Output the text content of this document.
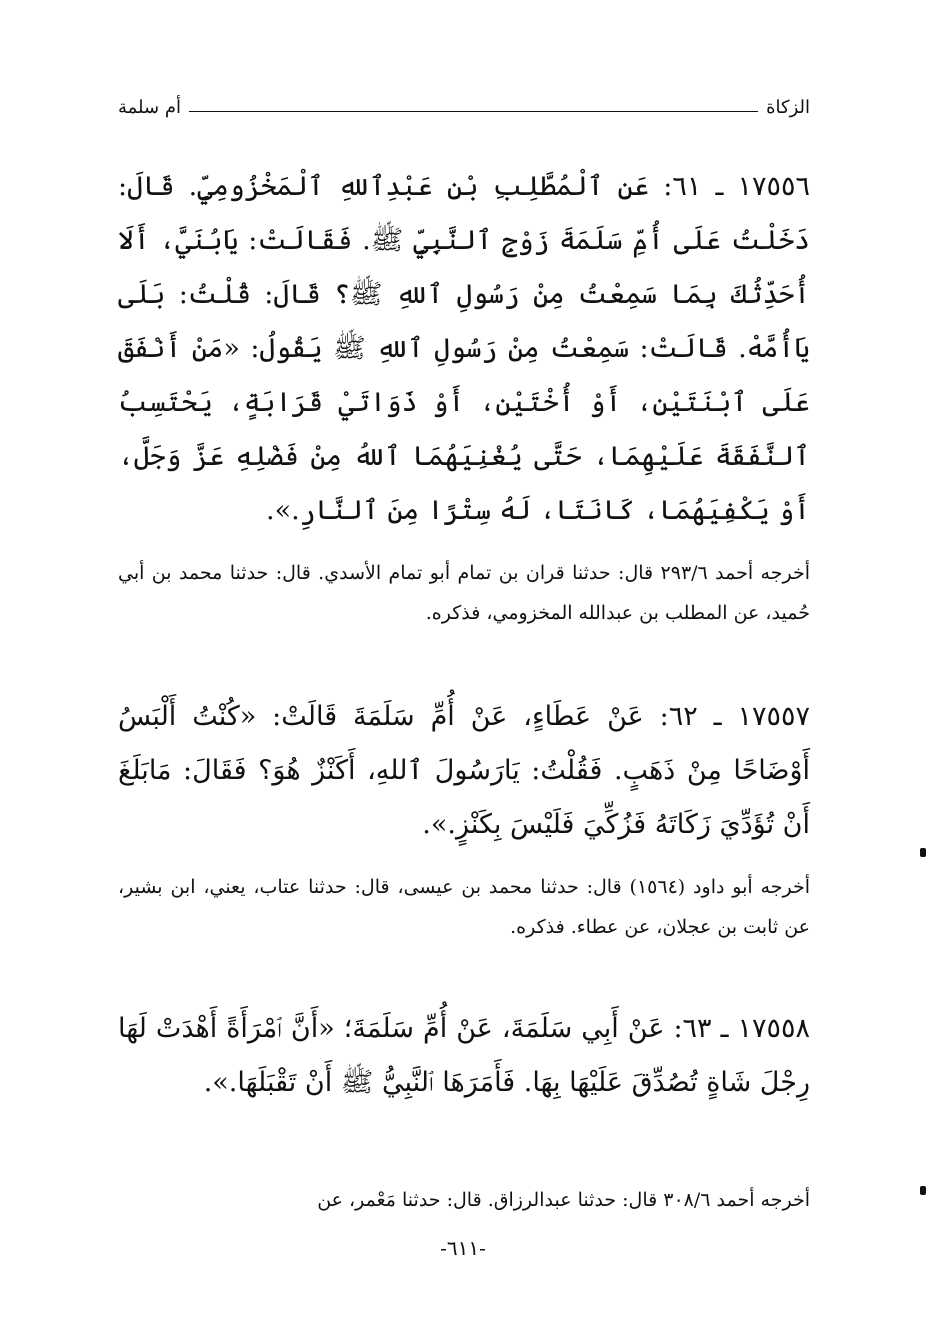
الزكاة
أم سلمة
١٧٥٥٦ ـ ٦١: عَنِ ٱلْمُطَّلِبِ بْنِ عَبْدِٱللهِ ٱلْمَخْزُومِيِّ. قَالَ: دَخَلْتُ عَلَى أُمِّ سَلَمَةَ زَوْجِ ٱلنَّبِيِّ ﷺ. فَقَالَتْ: يَابُنَيَّ، أَلَا أُحَدِّثُكَ بِمَا سَمِعْتُ مِنْ رَسُولِ ٱللهِ ﷺ؟ قَالَ: قُلْتُ: بَلَى يَاأُمَّهْ. قَالَتْ: سَمِعْتُ مِنْ رَسُولِ ٱللهِ ﷺ يَقُولُ: «مَنْ أَنْفَقَ عَلَى ٱبْنَتَيْنِ، أَوْ أُخْتَيْنِ، أَوْ ذَوَاتَيْ قَرَابَةٍ، يَحْتَسِبُ ٱلنَّفَقَةَ عَلَيْهِمَا، حَتَّى يُغْنِيَهُمَا ٱللهُ مِنْ فَضْلِهِ عَزَّ وَجَلَّ، أَوْ يَكْفِيَهُمَا، كَانَتَا، لَهُ سِتْرًا مِنَ ٱلنَّارِ.».
أخرجه أحمد ٢٩٣/٦ قال: حدثنا قران بن تمام أبو تمام الأسدي. قال: حدثنا محمد بن أبي حُميد، عن المطلب بن عبدالله المخزومي، فذكره.
١٧٥٥٧ ـ ٦٢: عَنْ عَطَاءٍ، عَنْ أُمِّ سَلَمَةَ قَالَتْ: «كُنْتُ أَلْبَسُ أَوْضَاحًا مِنْ ذَهَبٍ. فَقُلْتُ: يَارَسُولَ ٱللهِ، أَكَنْزٌ هُوَ؟ فَقَالَ: مَابَلَغَ أَنْ تُؤَدِّيَ زَكَاتَهُ فَزُكِّيَ فَلَيْسَ بِكَنْزٍ.».
أخرجه أبو داود (١٥٦٤) قال: حدثنا محمد بن عيسى، قال: حدثنا عتاب، يعني، ابن بشير، عن ثابت بن عجلان، عن عطاء. فذكره.
١٧٥٥٨ ـ ٦٣: عَنْ أَبِي سَلَمَةَ، عَنْ أُمِّ سَلَمَةَ؛ «أَنَّ ٱمْرَأَةً أَهْدَتْ لَهَا رِجْلَ شَاةٍ تُصُدِّقَ عَلَيْهَا بِهَا. فَأَمَرَهَا ٱلنَّبِيُّ ﷺ أَنْ تَقْبَلَهَا.».
أخرجه أحمد ٣٠٨/٦ قال: حدثنا عبدالرزاق. قال: حدثنا مَعْمر، عن
-٦١١-
